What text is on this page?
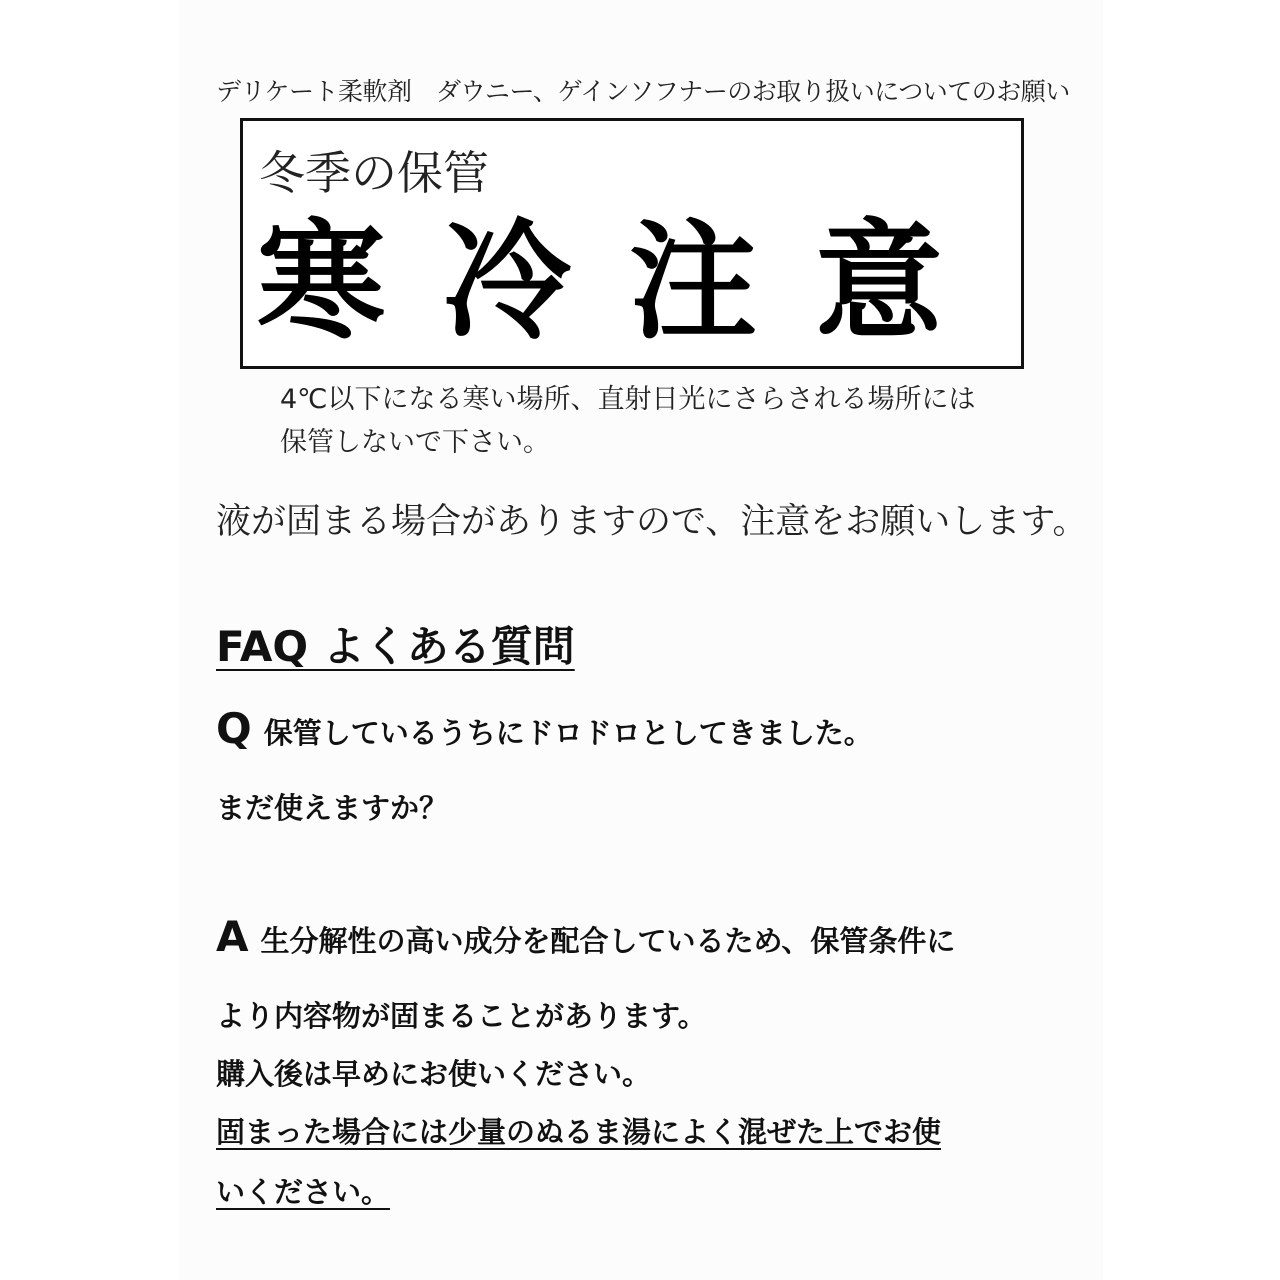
デリケート柔軟剤　ダウニー、ゲインソフナーのお取り扱いについてのお願い
冬季の保管
寒冷注意
4℃以下になる寒い場所、直射日光にさらされる場所には
保管しないで下さい。
液が固まる場合がありますので、注意をお願いします。
FAQ よくある質問
Q 保管しているうちにドロドロとしてきました。
まだ使えますか？
A 生分解性の高い成分を配合しているため、保管条件に
より内容物が固まることがあります。
購入後は早めにお使いください。
固まった場合には少量のぬるま湯によく混ぜた上でお使
いください。
